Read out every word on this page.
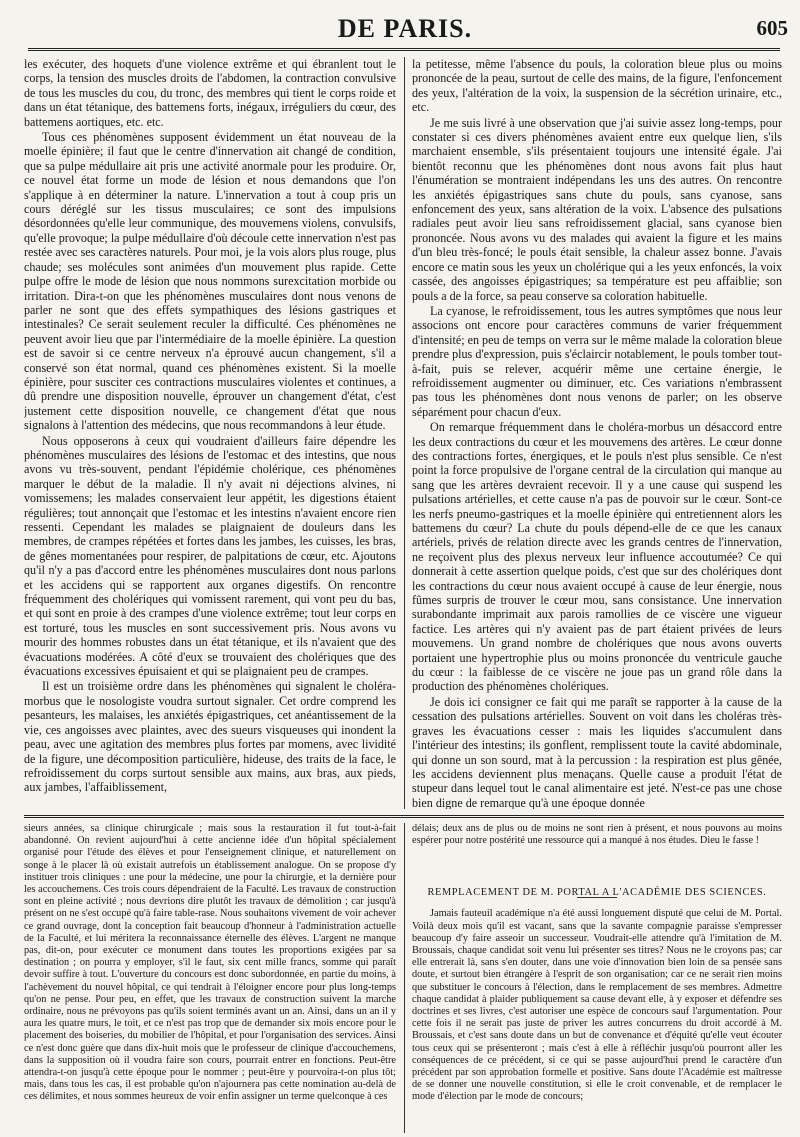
DE PARIS.	605

les exécuter, des hoquets d'une violence extrême et qui ébranlent tout le corps, la tension des muscles droits de l'abdomen, la contraction convulsive de tous les muscles du cou, du tronc, des membres qui tient le corps roide et dans un état tétanique, des battemens forts, inégaux, irréguliers du cœur, des battemens aortiques, etc. etc.

Tous ces phénomènes supposent évidemment un état nouveau de la moelle épinière; il faut que le centre d'innervation ait changé de condition, que sa pulpe médullaire ait pris une activité anormale pour les produire. Or, ce nouvel état forme un mode de lésion et nous demandons que l'on s'applique à en déterminer la nature. L'innervation a tout à coup pris un cours déréglé sur les tissus musculaires; ce sont des impulsions désordonnées qu'elle leur communique, des mouvemens violens, convulsifs, qu'elle provoque; la pulpe médullaire d'où découle cette innervation n'est pas restée avec ses caractères naturels. Pour moi, je la vois alors plus rouge, plus chaude; ses molécules sont animées d'un mouvement plus rapide. Cette pulpe offre le mode de lésion que nous nommons surexcitation morbide ou irritation. Dira-t-on que les phénomènes musculaires dont nous venons de parler ne sont que des effets sympathiques des lésions gastriques et intestinales? Ce serait seulement reculer la difficulté. Ces phénomènes ne peuvent avoir lieu que par l'intermédiaire de la moelle épinière. La question est de savoir si ce centre nerveux n'a éprouvé aucun changement, s'il a conservé son état normal, quand ces phénomènes existent. Si la moelle épinière, pour susciter ces contractions musculaires violentes et continues, a dû prendre une disposition nouvelle, éprouver un changement d'état, c'est justement cette disposition nouvelle, ce changement d'état que nous signalons à l'attention des médecins, que nous recommandons à leur étude.

Nous opposerons à ceux qui voudraient d'ailleurs faire dépendre les phénomènes musculaires des lésions de l'estomac et des intestins, que nous avons vu très-souvent, pendant l'épidémie cholérique, ces phénomènes marquer le début de la maladie. Il n'y avait ni déjections alvines, ni vomissemens; les malades conservaient leur appétit, les digestions étaient régulières; tout annonçait que l'estomac et les intestins n'avaient encore rien ressenti. Cependant les malades se plaignaient de douleurs dans les membres, de crampes répétées et fortes dans les jambes, les cuisses, les bras, de gênes momentanées pour respirer, de palpitations de cœur, etc. Ajoutons qu'il n'y a pas d'accord entre les phénomènes musculaires dont nous parlons et les accidens qui se rapportent aux organes digestifs. On rencontre fréquemment des cholériques qui vomissent rarement, qui vont peu du bas, et qui sont en proie à des crampes d'une violence extrême; tout leur corps en est torturé, tous les muscles en sont successivement pris. Nous avons vu mourir des hommes robustes dans un état tétanique, et ils n'avaient que des évacuations modérées. A côté d'eux se trouvaient des cholériques que des évacuations excessives épuisaient et qui se plaignaient peu de crampes.

Il est un troisième ordre dans les phénomènes qui signalent le choléra-morbus que le nosologiste voudra surtout signaler. Cet ordre comprend les pesanteurs, les malaises, les anxiétés épigastriques, cet anéantissement de la vie, ces angoisses avec plaintes, avec des sueurs visqueuses qui inondent la peau, avec une agitation des membres plus fortes par momens, avec lividité de la figure, une décomposition particulière, hideuse, des traits de la face, le refroidissement du corps surtout sensible aux mains, aux bras, aux pieds, aux jambes, l'affaiblissement,

la petitesse, même l'absence du pouls, la coloration bleue plus ou moins prononcée de la peau, surtout de celle des mains, de la figure, l'enfoncement des yeux, l'altération de la voix, la suspension de la sécrétion urinaire, etc., etc.

Je me suis livré à une observation que j'ai suivie assez long-temps, pour constater si ces divers phénomènes avaient entre eux quelque lien, s'ils marchaient ensemble, s'ils présentaient toujours une intensité égale. J'ai bientôt reconnu que les phénomènes dont nous avons fait plus haut l'énumération se montraient indépendans les uns des autres. On rencontre les anxiétés épigastriques sans chute du pouls, sans cyanose, sans enfoncement des yeux, sans altération de la voix. L'absence des pulsations radiales peut avoir lieu sans refroidissement glacial, sans cyanose bien prononcée. Nous avons vu des malades qui avaient la figure et les mains d'un bleu très-foncé; le pouls était sensible, la chaleur assez bonne. J'avais encore ce matin sous les yeux un cholérique qui a les yeux enfoncés, la voix cassée, des angoisses épigastriques; sa température est peu affaiblie; son pouls a de la force, sa peau conserve sa coloration habituelle.

La cyanose, le refroidissement, tous les autres symptômes que nous leur associons ont encore pour caractères communs de varier fréquemment d'intensité; en peu de temps on verra sur le même malade la coloration bleue prendre plus d'expression, puis s'éclaircir notablement, le pouls tomber tout-à-fait, puis se relever, acquérir même une certaine énergie, le refroidissement augmenter ou diminuer, etc. Ces variations n'embrassent pas tous les phénomènes dont nous venons de parler; on les observe séparément pour chacun d'eux.

On remarque fréquemment dans le choléra-morbus un désaccord entre les deux contractions du cœur et les mouvemens des artères. Le cœur donne des contractions fortes, énergiques, et le pouls n'est plus sensible. Ce n'est point la force propulsive de l'organe central de la circulation qui manque au sang que les artères devraient recevoir. Il y a une cause qui suspend les pulsations artérielles, et cette cause n'a pas de pouvoir sur le cœur. Sont-ce les nerfs pneumo-gastriques et la moelle épinière qui entretiennent alors les battemens du cœur? La chute du pouls dépend-elle de ce que les canaux artériels, privés de relation directe avec les grands centres de l'innervation, ne reçoivent plus des plexus nerveux leur influence accoutumée? Ce qui donnerait à cette assertion quelque poids, c'est que sur des cholériques dont les contractions du cœur nous avaient occupé à cause de leur énergie, nous fûmes surpris de trouver le cœur mou, sans consistance. Une innervation surabondante imprimait aux parois ramollies de ce viscère une vigueur factice. Les artères qui n'y avaient pas de part étaient privées de leurs mouvemens. Un grand nombre de cholériques que nous avons ouverts portaient une hypertrophie plus ou moins prononcée du ventricule gauche du cœur : la faiblesse de ce viscère ne joue pas un grand rôle dans la production des phénomènes cholériques.

Je dois ici consigner ce fait qui me paraît se rapporter à la cause de la cessation des pulsations artérielles. Souvent on voit dans les choléras très-graves les évacuations cesser : mais les liquides s'accumulent dans l'intérieur des intestins; ils gonflent, remplissent toute la cavité abdominale, qui donne un son sourd, mat à la percussion : la respiration est plus gênée, les accidens deviennent plus menaçans. Quelle cause a produit l'état de stupeur dans lequel tout le canal alimentaire est jeté. N'est-ce pas une chose bien digne de remarque qu'à une époque donnée

sieurs années, sa clinique chirurgicale ; mais sous la restauration il fut tout-à-fait abandonné. On revient aujourd'hui à cette ancienne idée d'un hôpital spécialement organisé pour l'étude des élèves et pour l'enseignement clinique, et naturellement on songe à le placer là où existait autrefois un établissement analogue. On se propose d'y instituer trois cliniques : une pour la médecine, une pour la chirurgie, et la dernière pour les accouchemens. Ces trois cours dépendraient de la Faculté. Les travaux de construction sont en pleine activité ; nous devrions dire plutôt les travaux de démolition ; car jusqu'à présent on ne s'est occupé qu'à faire table-rase. Nous souhaitons vivement de voir achever ce grand ouvrage, dont la conception fait beaucoup d'honneur à l'administration actuelle de la Faculté, et lui méritera la reconnaissance éternelle des élèves. L'argent ne manque pas, dit-on, pour exécuter ce monument dans toutes les proportions exigées par sa destination ; on pourra y employer, s'il le faut, six cent mille francs, somme qui paraît devoir suffire à tout. L'ouverture du concours est donc subordonnée, en partie du moins, à l'achèvement du nouvel hôpital, ce qui tendrait à l'éloigner encore pour plus long-temps qu'on ne pense. Pour peu, en effet, que les travaux de construction suivent la marche ordinaire, nous ne prévoyons pas qu'ils soient terminés avant un an. Ainsi, dans un an il y aura les quatre murs, le toit, et ce n'est pas trop que de demander six mois encore pour le placement des boiseries, du mobilier de l'hôpital, et pour l'organisation des services. Ainsi ce n'est donc guère que dans dix-huit mois que le professeur de clinique d'accouchemens, dans la supposition où il voudra faire son cours, pourrait entrer en fonctions. Peut-être attendra-t-on jusqu'à cette époque pour le nommer ; peut-être y pourvoira-t-on plus tôt; mais, dans tous les cas, il est probable qu'on n'ajournera pas cette nomination au-delà de ces délimites, et nous sommes heureux de voir enfin assigner un terme quelconque à ces

délais; deux ans de plus ou de moins ne sont rien à présent, et nous pouvons au moins espérer pour notre postérité une ressource qui a manqué à nos études. Dieu le fasse !

REMPLACEMENT DE M. PORTAL A L'ACADÉMIE DES SCIENCES.

Jamais fauteuil académique n'a été aussi longuement disputé que celui de M. Portal. Voilà deux mois qu'il est vacant, sans que la savante compagnie paraisse s'empresser beaucoup d'y faire asseoir un successeur. Voudrait-elle attendre qu'à l'imitation de M. Broussais, chaque candidat soit venu lui présenter ses titres? Nous ne le croyons pas; car elle entrerait là, sans s'en douter, dans une voie d'innovation bien loin de sa pensée sans doute, et surtout bien étrangère à l'esprit de son organisation; car ce ne serait rien moins que substituer le concours à l'élection, dans le remplacement de ses membres. Admettre chaque candidat à plaider publiquement sa cause devant elle, à y exposer et défendre ses doctrines et ses livres, c'est autoriser une espèce de concours sauf l'argumentation. Pour cette fois il ne serait pas juste de priver les autres concurrens du droit accordé à M. Broussais, et c'est sans doute dans un but de convenance et d'équité qu'elle veut écouter tous ceux qui se présenteront ; mais c'est à elle à réfléchir jusqu'où pourront aller les conséquences de ce précédent, si ce qui se passe aujourd'hui prend le caractère d'un précédent par son approbation formelle et positive. Sans doute l'Académie est maîtresse de se donner une nouvelle constitution, si elle le croit convenable, et de remplacer le mode d'élection par le mode de concours;
